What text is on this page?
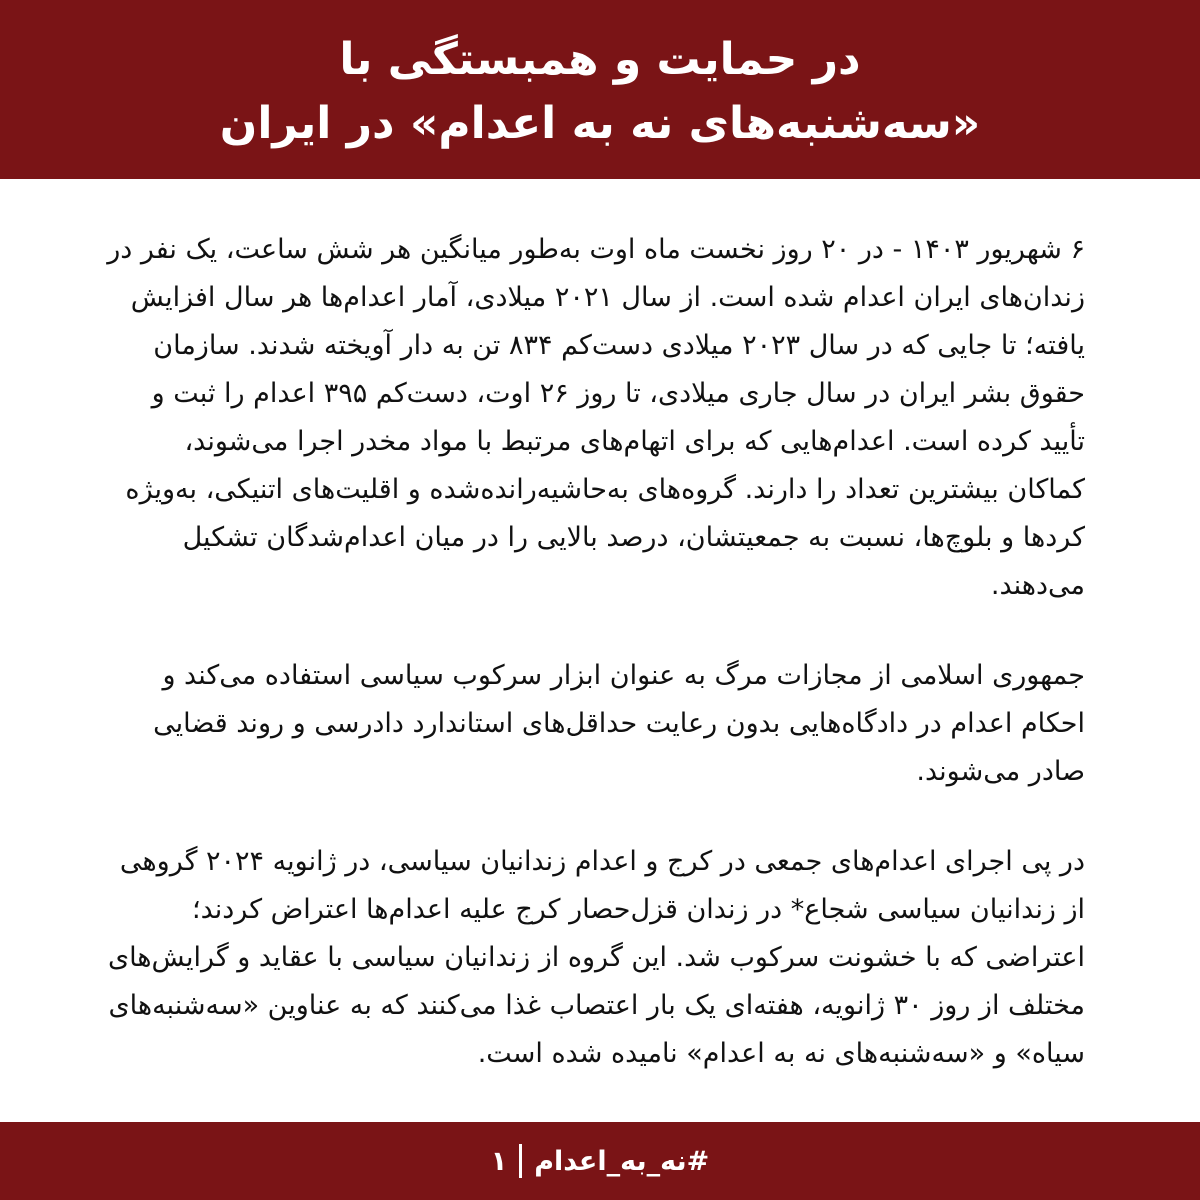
در حمایت و همبستگی با
«سه‌شنبه‌های نه به اعدام» در ایران

۶ شهریور ۱۴۰۳ - در ۲۰ روز نخست ماه اوت به‌طور میانگین هر شش ساعت، یک نفر در زندان‌های ایران اعدام شده است. از سال ۲۰۲۱ میلادی، آمار اعدام‌ها هر سال افزایش یافته؛ تا جایی که در سال ۲۰۲۳ میلادی دست‌کم ۸۳۴ تن به دار آویخته شدند. سازمان حقوق بشر ایران در سال جاری میلادی، تا روز ۲۶ اوت، دست‌کم ۳۹۵ اعدام را ثبت و تأیید کرده است. اعدام‌هایی که برای اتهام‌های مرتبط با مواد مخدر اجرا می‌شوند، کماکان بیشترین تعداد را دارند. گروه‌های به‌حاشیه‌رانده‌شده و اقلیت‌های اتنیکی، به‌ویژه کردها و بلوچ‌ها، نسبت به جمعیتشان، درصد بالایی را در میان اعدام‌شدگان تشکیل می‌دهند.

جمهوری اسلامی از مجازات مرگ به عنوان ابزار سرکوب سیاسی استفاده می‌کند و احکام اعدام در دادگاه‌هایی بدون رعایت حداقل‌های استاندارد دادرسی و روند قضایی صادر می‌شوند.

در پی اجرای اعدام‌های جمعی در کرج و اعدام زندانیان سیاسی، در ژانویه ۲۰۲۴ گروهی از زندانیان سیاسی شجاع* در زندان قزل‌حصار کرج علیه اعدام‌ها اعتراض کردند؛ اعتراضی که با خشونت سرکوب شد. این گروه از زندانیان سیاسی با عقاید و گرایش‌های مختلف از روز ۳۰ ژانویه، هفته‌ای یک بار اعتصاب غذا می‌کنند که به عناوین «سه‌شنبه‌های سیاه» و «سه‌شنبه‌های نه به اعدام» نامیده شده است.

#نه_به_اعدام
۱
